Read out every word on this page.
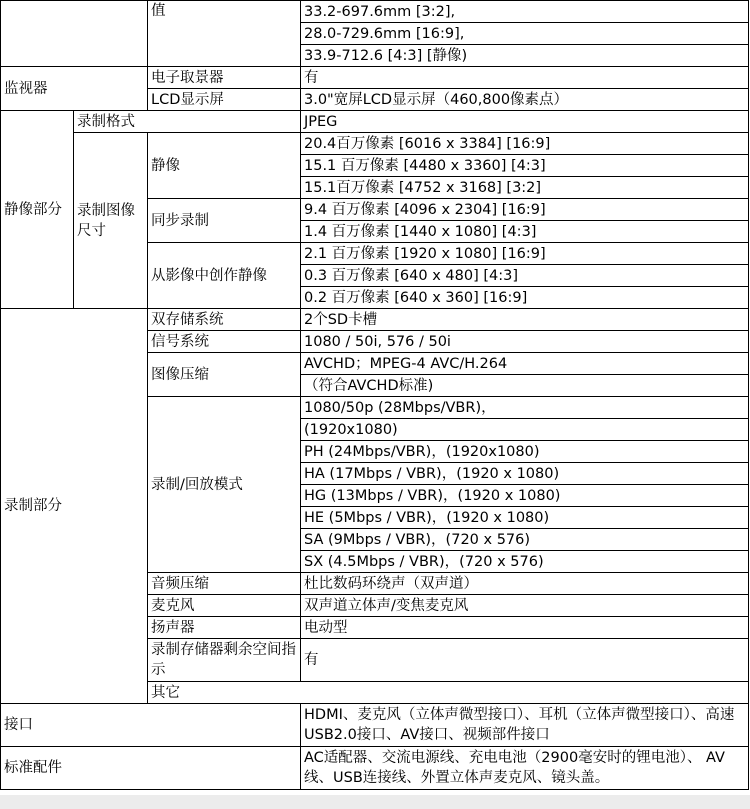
		值	33.2-697.6mm [3:2],	
			28.0-729.6mm [16:9],	
			33.9-712.6 [4:3] [静像)	
监视器		电子取景器	有	
		LCD显示屏	3.0"宽屏LCD显示屏（460,800像素点）	
静像部分	录制格式		JPEG	
	录制图像尺寸	静像	20.4百万像素 [6016 x 3384] [16:9]	
			15.1 百万像素 [4480 x 3360] [4:3]	
			15.1百万像素 [4752 x 3168] [3:2]	
		同步录制	9.4 百万像素 [4096 x 2304] [16:9]	
			1.4 百万像素 [1440 x 1080] [4:3]	
		从影像中创作静像	2.1 百万像素 [1920 x 1080] [16:9]	
			0.3 百万像素 [640 x 480] [4:3]	
			0.2 百万像素 [640 x 360] [16:9]	
录制部分		双存储系统	2个SD卡槽	
		信号系统	1080 / 50i, 576 / 50i	
		图像压缩	AVCHD；MPEG-4 AVC/H.264	
			（符合AVCHD标准)	
		录制/回放模式	1080/50p (28Mbps/VBR)，	
			(1920x1080)	
			PH (24Mbps/VBR)，(1920x1080)	
			HA (17Mbps / VBR)，(1920 x 1080)	
			HG (13Mbps / VBR)，(1920 x 1080)	
			HE (5Mbps / VBR)，(1920 x 1080)	
			SA (9Mbps / VBR)，(720 x 576)	
			SX (4.5Mbps / VBR)，(720 x 576)	
		音频压缩	杜比数码环绕声（双声道）	
		麦克风	双声道立体声/变焦麦克风	
		扬声器	电动型	
		录制存储器剩余空间指示	有	
		其它	
接口			HDMI、麦克风（立体声微型接口）、耳机（立体声微型接口）、高速USB2.0接口、AV接口、视频部件接口	
标准配件			AC适配器、交流电源线、充电电池（2900毫安时的锂电池）、 AV线、USB连接线、外置立体声麦克风、镜头盖。	
